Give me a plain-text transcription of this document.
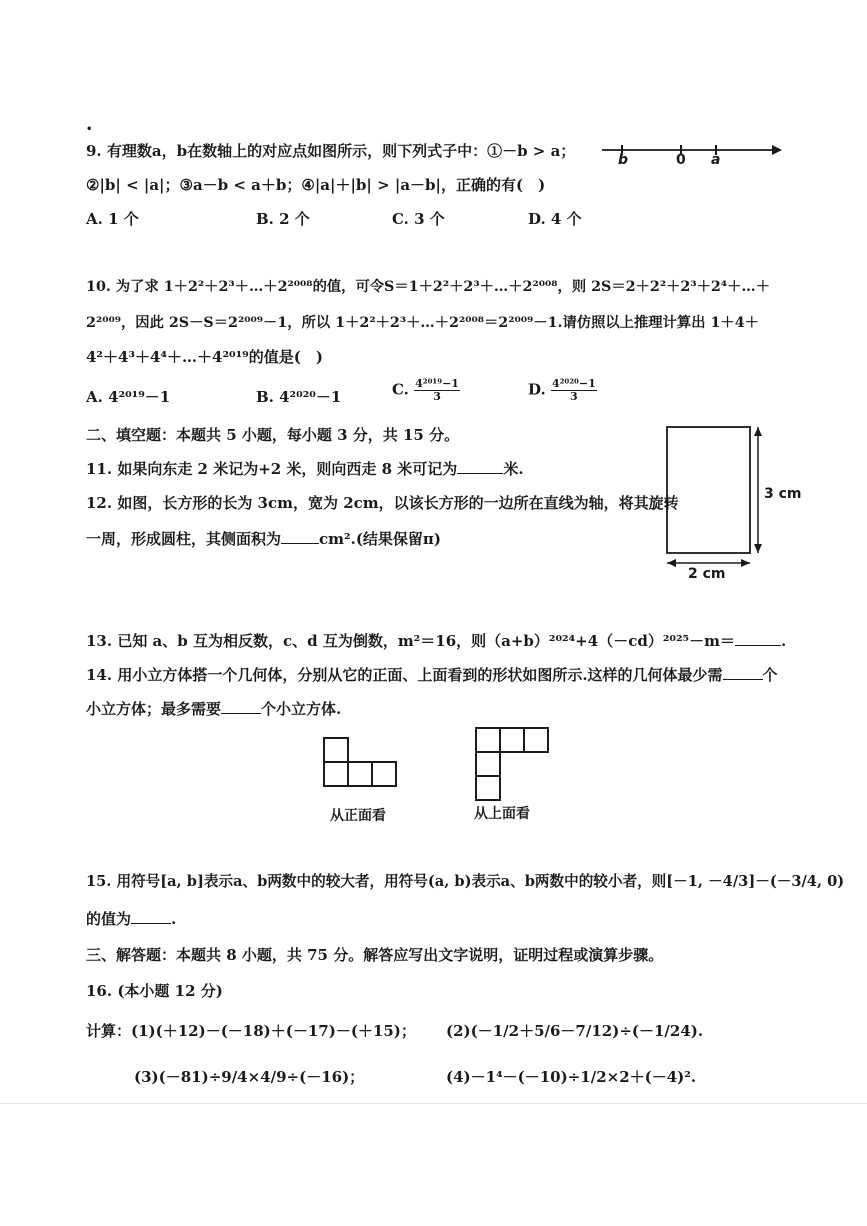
•
9. 有理数a，b在数轴上的对应点如图所示，则下列式子中：①－b > a；
②|b| < |a|；③a－b < a＋b；④|a|＋|b| > |a－b|，正确的有(　)
b	0 a
A. 1 个	B. 2 个	C. 3 个	D. 4 个
10. 为了求 1＋2²＋2³＋…＋2²⁰⁰⁸的值，可令S＝1＋2²＋2³＋…＋2²⁰⁰⁸，则 2S＝2＋2²＋2³＋2⁴＋…＋
2²⁰⁰⁹，因此 2S－S＝2²⁰⁰⁹－1，所以 1＋2²＋2³＋…＋2²⁰⁰⁸＝2²⁰⁰⁹－1.请仿照以上推理计算出 1＋4＋
4²＋4³＋4⁴＋…＋4²⁰¹⁹的值是(　)
A. 4²⁰¹⁹－1	B. 4²⁰²⁰－1	C. $\frac{\text{4²⁰¹⁹−1}}{3}$	D. $\frac{\text{4²⁰²⁰−1}}{3}$
二、填空题：本题共 5 小题，每小题 3 分，共 15 分。
11. 如果向东走 2 米记为+2 米，则向西走 8 米可记为	米.
12. 如图，长方形的长为 3cm，宽为 2cm，以该长方形的一边所在直线为轴，将其旋转
一周，形成圆柱，其侧面积为	cm².(结果保留π)
3 cm
2 cm
13. 已知 a、b 互为相反数，c、d 互为倒数，m²＝16，则（a+b）²⁰²⁴+4（－cd）²⁰²⁵－m＝	.
14. 用小立方体搭一个几何体，分别从它的正面、上面看到的形状如图所示.这样的几何体最少需	个
小立方体；最多需要	个小立方体.
从正面看	从上面看
15. 用符号[a, b]表示a、b两数中的较大者，用符号(a, b)表示a、b两数中的较小者，则[－1, －4/3]－(－3/4, 0)
的值为	.
三、解答题：本题共 8 小题，共 75 分。解答应写出文字说明，证明过程或演算步骤。
16. (本小题 12 分)
计算：(1)(＋12)－(－18)＋(－17)－(＋15)； (2)(－1/2＋5/6－7/12)÷(－1/24).
(3)(－81)÷9/4×4/9÷(－16)；	(4)－1⁴－(－10)÷1/2×2＋(－4)².
